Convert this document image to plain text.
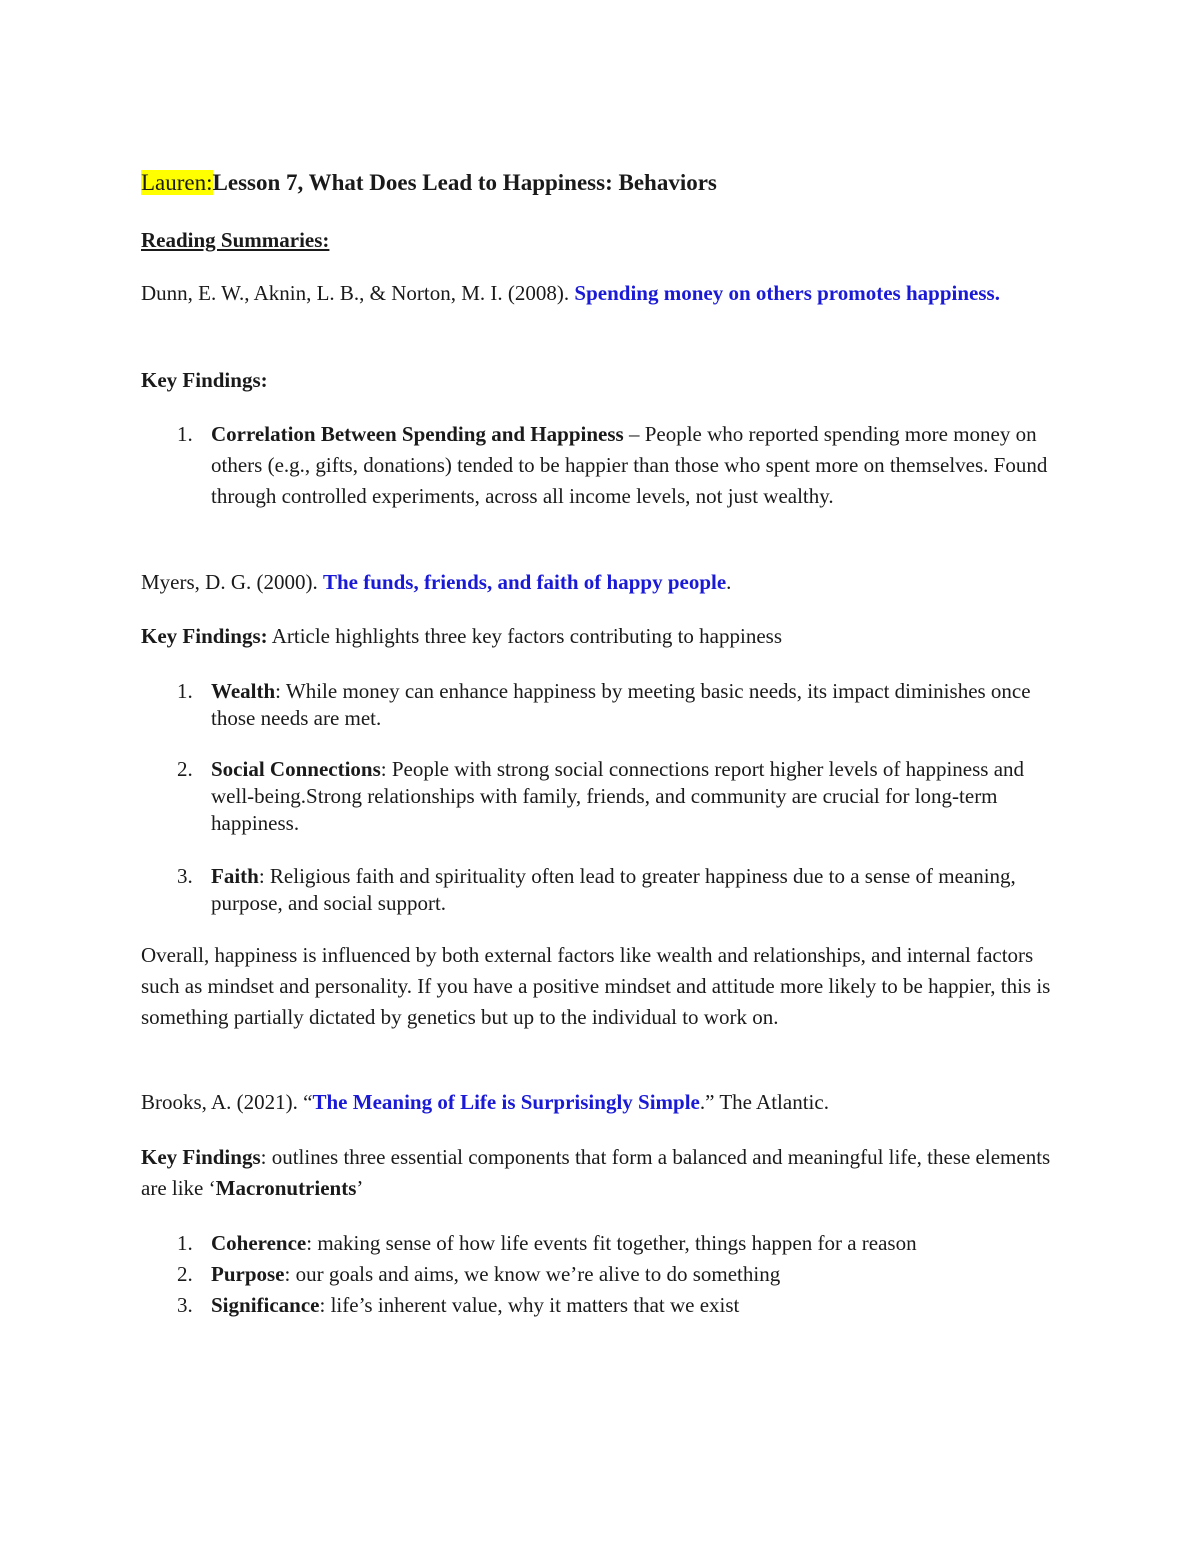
Lauren:Lesson 7, What Does Lead to Happiness: Behaviors
Reading Summaries:
Dunn, E. W., Aknin, L. B., & Norton, M. I. (2008). Spending money on others promotes happiness.
Key Findings:
1. Correlation Between Spending and Happiness – People who reported spending more money on others (e.g., gifts, donations) tended to be happier than those who spent more on themselves. Found through controlled experiments, across all income levels, not just wealthy.
Myers, D. G. (2000). The funds, friends, and faith of happy people.
Key Findings: Article highlights three key factors contributing to happiness
1. Wealth: While money can enhance happiness by meeting basic needs, its impact diminishes once those needs are met.
2. Social Connections: People with strong social connections report higher levels of happiness and well-being.Strong relationships with family, friends, and community are crucial for long-term happiness.
3. Faith: Religious faith and spirituality often lead to greater happiness due to a sense of meaning, purpose, and social support.
Overall, happiness is influenced by both external factors like wealth and relationships, and internal factors such as mindset and personality. If you have a positive mindset and attitude more likely to be happier, this is something partially dictated by genetics but up to the individual to work on.
Brooks, A. (2021). “The Meaning of Life is Surprisingly Simple.” The Atlantic.
Key Findings: outlines three essential components that form a balanced and meaningful life, these elements are like ‘Macronutrients’
1. Coherence: making sense of how life events fit together, things happen for a reason
2. Purpose: our goals and aims, we know we’re alive to do something
3. Significance: life’s inherent value, why it matters that we exist
